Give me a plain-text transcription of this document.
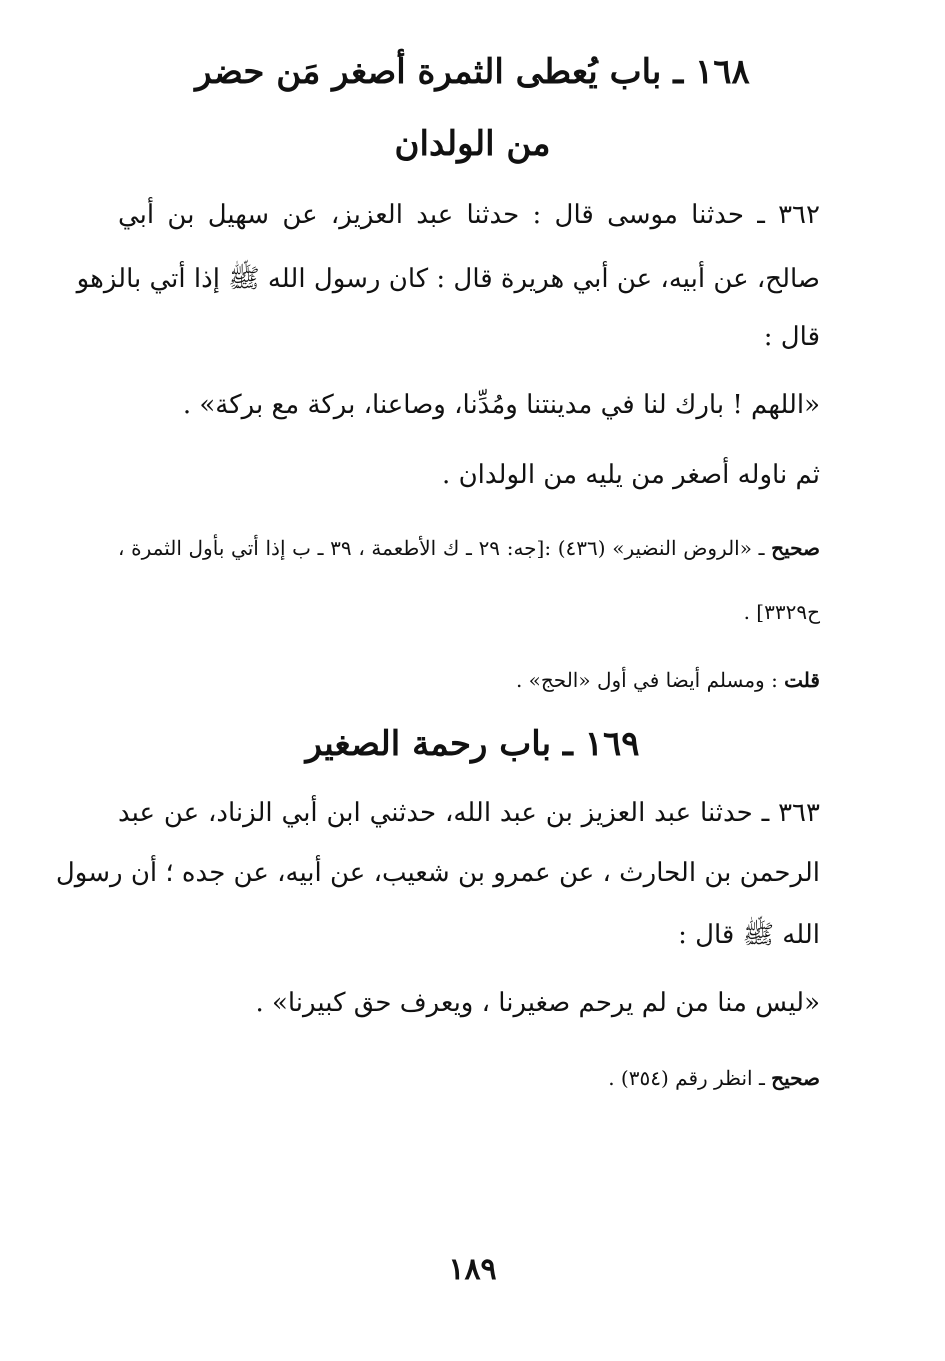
١٦٨ ـ باب يُعطى الثمرة أصغر مَن حضر
من الولدان
٣٦٢ ـ حدثنا موسى قال : حدثنا عبد العزيز، عن سهيل بن أبي
صالح، عن أبيه، عن أبي هريرة قال : كان رسول الله ﷺ إذا أتي بالزهو
قال :
«اللهم ! بارك لنا في مدينتنا ومُدِّنا، وصاعنا، بركة مع بركة» .
ثم ناوله أصغر من يليه من الولدان .
صحيح ـ «الروض النضير» (٤٣٦) :[جه: ٢٩ ـ ك الأطعمة ، ٣٩ ـ ب إذا أتي بأول الثمرة ،
ح٣٣٢٩] .
قلت : ومسلم أيضا في أول «الحج» .
١٦٩ ـ باب رحمة الصغير
٣٦٣ ـ حدثنا عبد العزيز بن عبد الله، حدثني ابن أبي الزناد، عن عبد
الرحمن بن الحارث ، عن عمرو بن شعيب، عن أبيه، عن جده ؛ أن رسول
الله ﷺ قال :
«ليس منا من لم يرحم صغيرنا ، ويعرف حق كبيرنا» .
صحيح ـ انظر رقم (٣٥٤) .
١٨٩
